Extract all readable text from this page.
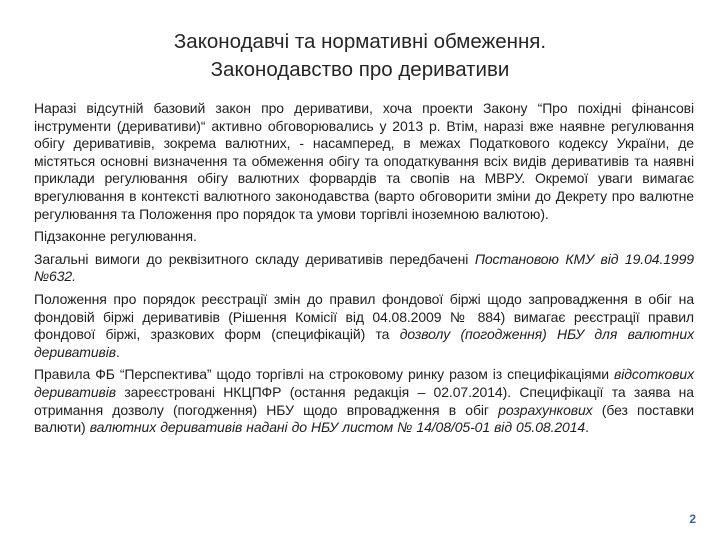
Законодавчі та нормативні обмеження.
Законодавство про деривативи

Наразі відсутній базовий закон про деривативи, хоча проекти Закону “Про похідні фінансові інструменти (деривативи)“ активно обговорювались у 2013 р. Втім, наразі вже наявне регулювання обігу деривативів, зокрема валютних, - насамперед, в межах Податкового кодексу України, де містяться основні визначення та обмеження обігу та оподаткування всіх видів деривативів та наявні приклади регулювання обігу валютних форвардів та свопів на МВРУ. Окремої уваги вимагає врегулювання в контексті валютного законодавства (варто обговорити зміни до Декрету про валютне регулювання та Положення про порядок та умови торгівлі іноземною валютою).

Підзаконне регулювання.

Загальні вимоги до реквізитного складу деривативів передбачені Постановою КМУ від 19.04.1999 №632.

Положення про порядок реєстрації змін до правил фондової біржі щодо запровадження в обіг на фондовій біржі деривативів (Рішення Комісії від 04.08.2009 № 884) вимагає реєстрації правил фондової біржі, зразкових форм (специфікацій) та дозволу (погодження) НБУ для валютних деривативів.

Правила ФБ “Перспектива” щодо торгівлі на строковому ринку разом із специфікаціями відсоткових деривативів зареєстровані НКЦПФР (остання редакція – 02.07.2014). Специфікації та заява на отримання дозволу (погодження) НБУ щодо впровадження в обіг розрахункових (без поставки валюти) валютних деривативів надані до НБУ листом № 14/08/05-01 від 05.08.2014.

2
